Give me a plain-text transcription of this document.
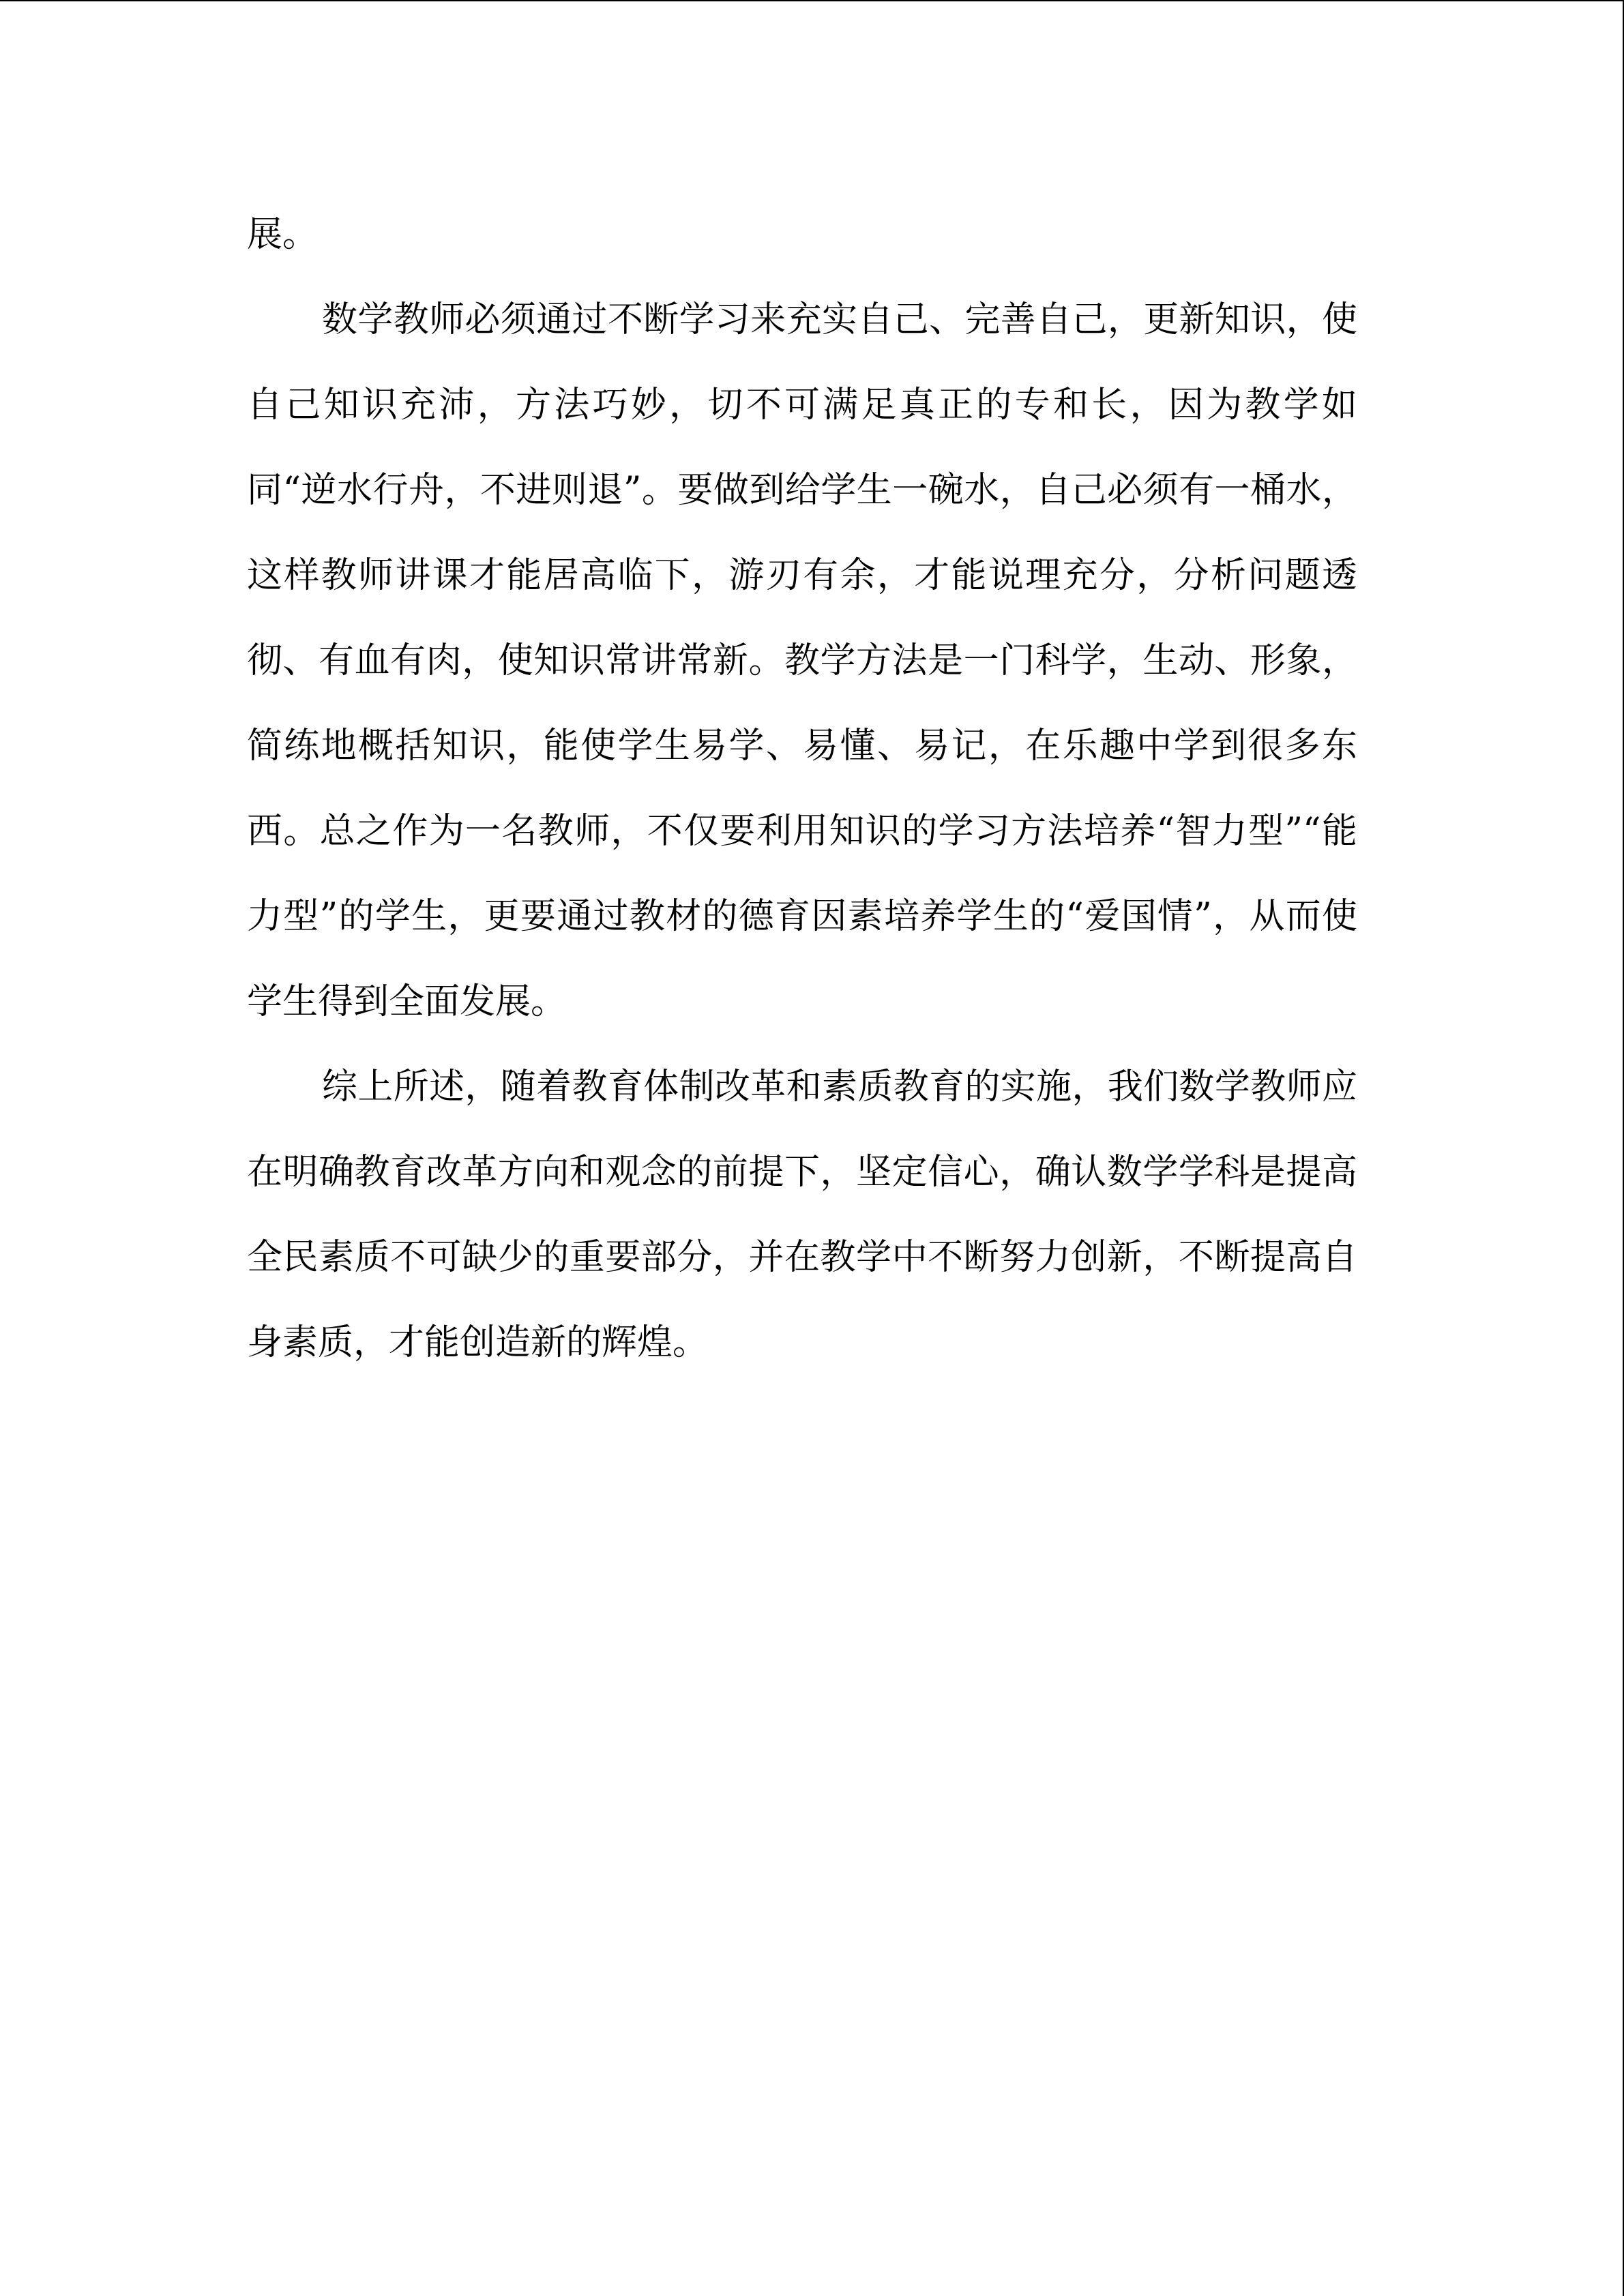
展。

数学教师必须通过不断学习来充实自己、完善自己，更新知识，使自己知识充沛，方法巧妙，切不可满足真正的专和长，因为教学如同“逆水行舟，不进则退”。要做到给学生一碗水，自己必须有一桶水，这样教师讲课才能居高临下，游刃有余，才能说理充分，分析问题透彻、有血有肉，使知识常讲常新。教学方法是一门科学，生动、形象，简练地概括知识，能使学生易学、易懂、易记，在乐趣中学到很多东西。总之作为一名教师，不仅要利用知识的学习方法培养“智力型”“能力型”的学生，更要通过教材的德育因素培养学生的“爱国情”，从而使学生得到全面发展。

综上所述，随着教育体制改革和素质教育的实施，我们数学教师应在明确教育改革方向和观念的前提下，坚定信心，确认数学学科是提高全民素质不可缺少的重要部分，并在教学中不断努力创新，不断提高自身素质，才能创造新的辉煌。
